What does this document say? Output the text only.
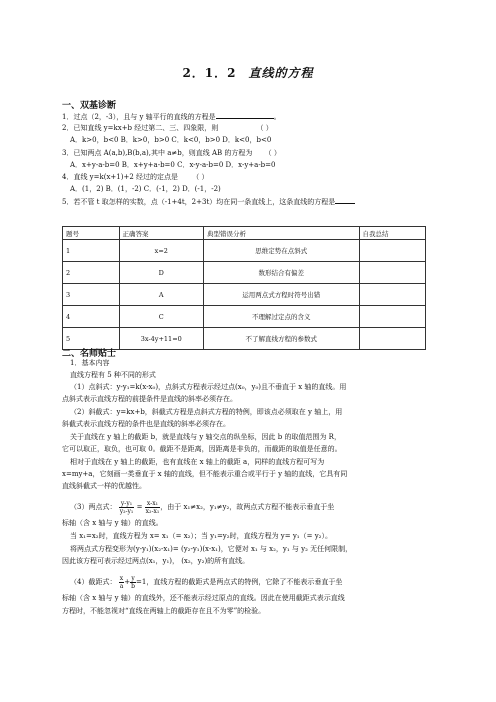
2．1．2 直线的方程
一、双基诊断
1．过点（2，-3），且与 y 轴平行的直线的方程是	。
2．已知直线 y=kx+b 经过第二、三、四象限，则	（ ）
A．k>0，b<0 B．k>0，b>0 C．k<0，b>0 D．k<0，b<0
3．已知两点 A(a,b),B(b,a),其中 a≠b，则直线 AB 的方程为 （ ）
A．x+y-a-b=0 B．x+y+a-b=0 C．x-y-a-b=0 D．x-y+a-b=0
4．直线 y=k(x+1)+2 经过的定点是 （ ）
A．(1，2) B．(1，-2) C．(-1，2) D．(-1，-2)
5．若不管 t 取怎样的实数，点（-1+4t，2+3t）均在同一条直线上，这条直线的方程是
题号	正确答案	典型错误分析	自我总结
1	x=2	思维定势在点斜式	
2	D	数形结合有偏差	
3	A	运用两点式方程时符号出错	
4	C	不理解过定点的含义	
5	3x-4y+11=0	不了解直线方程的参数式	
二、名师贴士
1．基本内容
直线方程有 5 种不同的形式
（1）点斜式：y-y₁=k(x-x₀)，点斜式方程表示经过点(x₀，y₀)且不垂直于 x 轴的直线。用
点斜式表示直线方程的前提条件是直线的斜率必须存在。
（2）斜截式：y=kx+b，斜截式方程是点斜式方程的特例，即该点必须取在 y 轴上，用
斜截式表示直线方程的条件也是直线的斜率必须存在。
关于直线在 y 轴上的截距 b，就是直线与 y 轴交点的纵坐标，因此 b 的取值范围为 R，
它可以取正，取负，也可取 0。截距不是距离，因距离是非负的，而截距的取值是任意的。
相对于直线在 y 轴上的截距，也有直线在 x 轴上的截距 a，同样的直线方程可写为
x=my+a，它刻画一类垂直于 x 轴的直线，但不能表示重合或平行于 y 轴的直线，它具有同
直线斜截式一样的优越性。
（3）两点式： $\frac{\text{y-y₁}}{\text{y₂-y₁}} = \frac{\text{x-x₁}}{\text{x₂-x₁}}$ ，由于 x₁≠x₂，y₁≠y₂，故两点式方程不能表示垂直于坐
标轴（含 x 轴与 y 轴）的直线。
当 x₁=x₂时，直线方程为 x= x₁（= x₂）；当 y₁=y₂时，直线方程为 y= y₁（= y₂）。
将两点式方程变形为(y-y₁)(x₂-x₁)= (y₂-y₁)(x-x₁)，它便对 x₁ 与 x₂，y₁ 与 y₂ 无任何限制，
因此该方程可表示经过两点(x₁，y₁)， (x₂，y₂)的所有直线。
（4）截距式： $\frac{x}{a} + \frac{y}{b} =1$，直线方程的截距式是两点式的特例，它除了不能表示垂直于坐
标轴（含 x 轴与 y 轴）的直线外，还不能表示经过原点的直线。因此在使用截距式表示直线
方程时，不能忽视对“直线在两轴上的截距存在且不为零”的检验。
